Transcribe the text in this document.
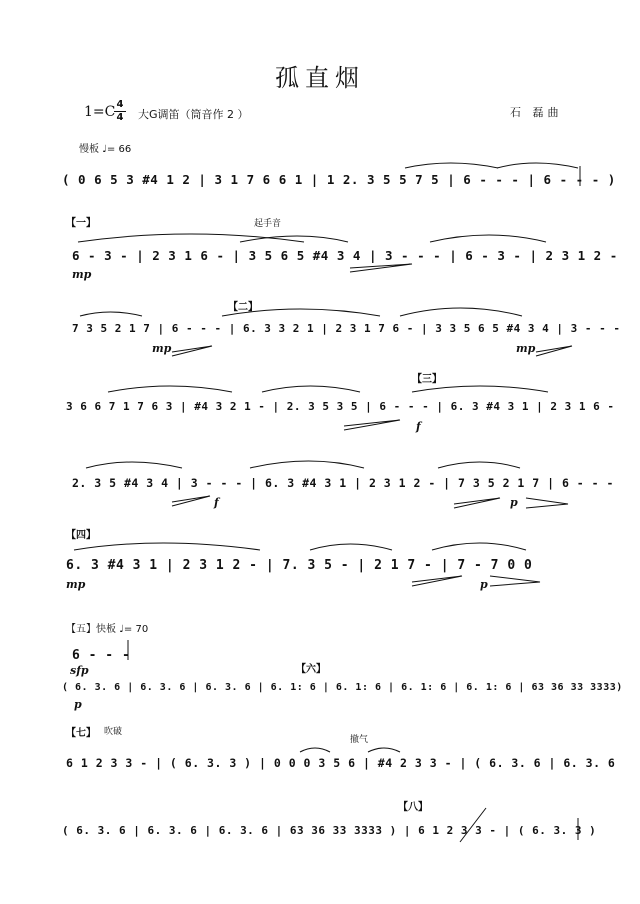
孤直烟
1=C 4
4 大G调笛（筒音作 2 ）	石 磊曲
慢板 ♩= 66
( 0 6 5 3 #4 1 2 | 3 1 7 6 6 1 | 1 2. 3 5 5 7 5 | 6 - - - | 6 - - - )
【一】	起手音
6 - 3 - | 2 3 1 6 - | 3 5 6 5 #4 3 4 | 3 - - - | 6 - 3 - | 2 3 1 2 -
mp
【二】
7 3 5 2 1 7 | 6 - - - | 6. 3 3 2 1 | 2 3 1 7 6 - | 3 3 5 6 5 #4 3 4 | 3 - - -
mp	mp
【三】
3 6 6 7 1 7 6 3 | #4 3 2 1 - | 2. 3 5 3 5 | 6 - - - | 6. 3 #4 3 1 | 2 3 1 6 -
f
2. 3 5 #4 3 4 | 3 - - - | 6. 3 #4 3 1 | 2 3 1 2 - | 7 3 5 2 1 7 | 6 - - -
f	p
【四】
6. 3 #4 3 1 | 2 3 1 2 - | 7. 3 5 - | 2 1 7 - | 7 - 7 0 0
mp	p
【五】快板 ♩= 70
6 - - -
sfp	【六】
( 6. 3. 6 | 6. 3. 6 | 6. 3. 6 | 6. 1: 6 | 6. 1: 6 | 6. 1: 6 | 6. 1: 6 | 63 36 33 3333)
p
【七】 吹破
撤气
6 1 2 3 3 - | ( 6. 3. 3 ) | 0 0 0 3 5 6 | #4 2 3 3 - | ( 6. 3. 6 | 6. 3. 6
【八】
( 6. 3. 6 | 6. 3. 6 | 6. 3. 6 | 63 36 33 3333 ) | 6 1 2 3 3 - | ( 6. 3. 3 )
